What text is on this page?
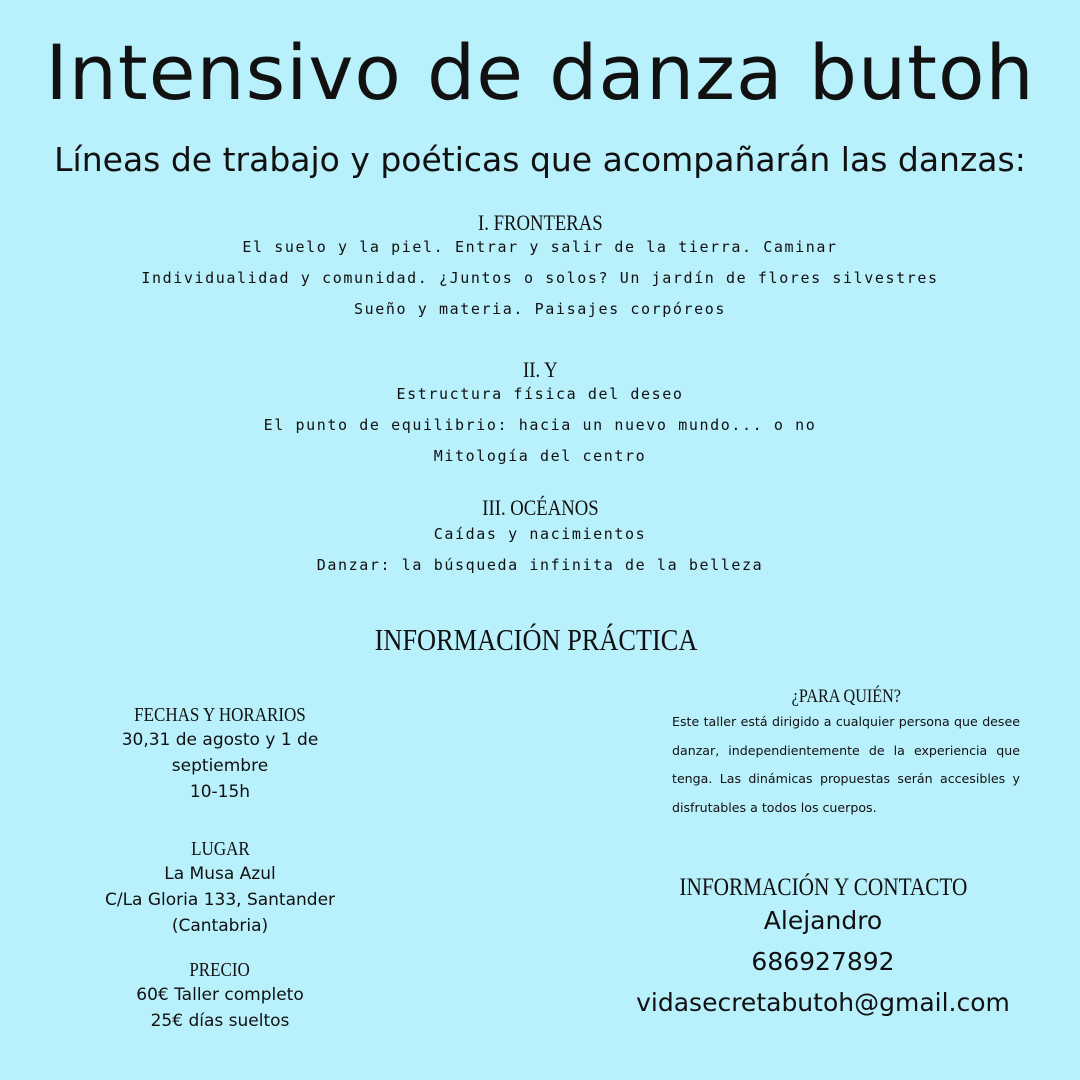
Intensivo de danza butoh

Líneas de trabajo y poéticas que acompañarán las danzas:

I. FRONTERAS

El suelo y la piel. Entrar y salir de la tierra. Caminar

Individualidad y comunidad. ¿Juntos o solos? Un jardín de flores silvestres

Sueño y materia. Paisajes corpóreos

II. Y

Estructura física del deseo

El punto de equilibrio: hacia un nuevo mundo... o no

Mitología del centro

III. OCÉANOS

Caídas y nacimientos

Danzar: la búsqueda infinita de la belleza

INFORMACIÓN PRÁCTICA

FECHAS Y HORARIOS

30,31 de agosto y 1 de

septiembre

10-15h

LUGAR

La Musa Azul

C/La Gloria 133, Santander

(Cantabria)

PRECIO

60€ Taller completo

25€ días sueltos

¿PARA QUIÉN?

Este taller está dirigido a cualquier persona que desee danzar, independientemente de la experiencia que tenga. Las dinámicas propuestas serán accesibles y disfrutables a todos los cuerpos.

INFORMACIÓN Y CONTACTO

Alejandro

686927892

vidasecretabutoh@gmail.com
